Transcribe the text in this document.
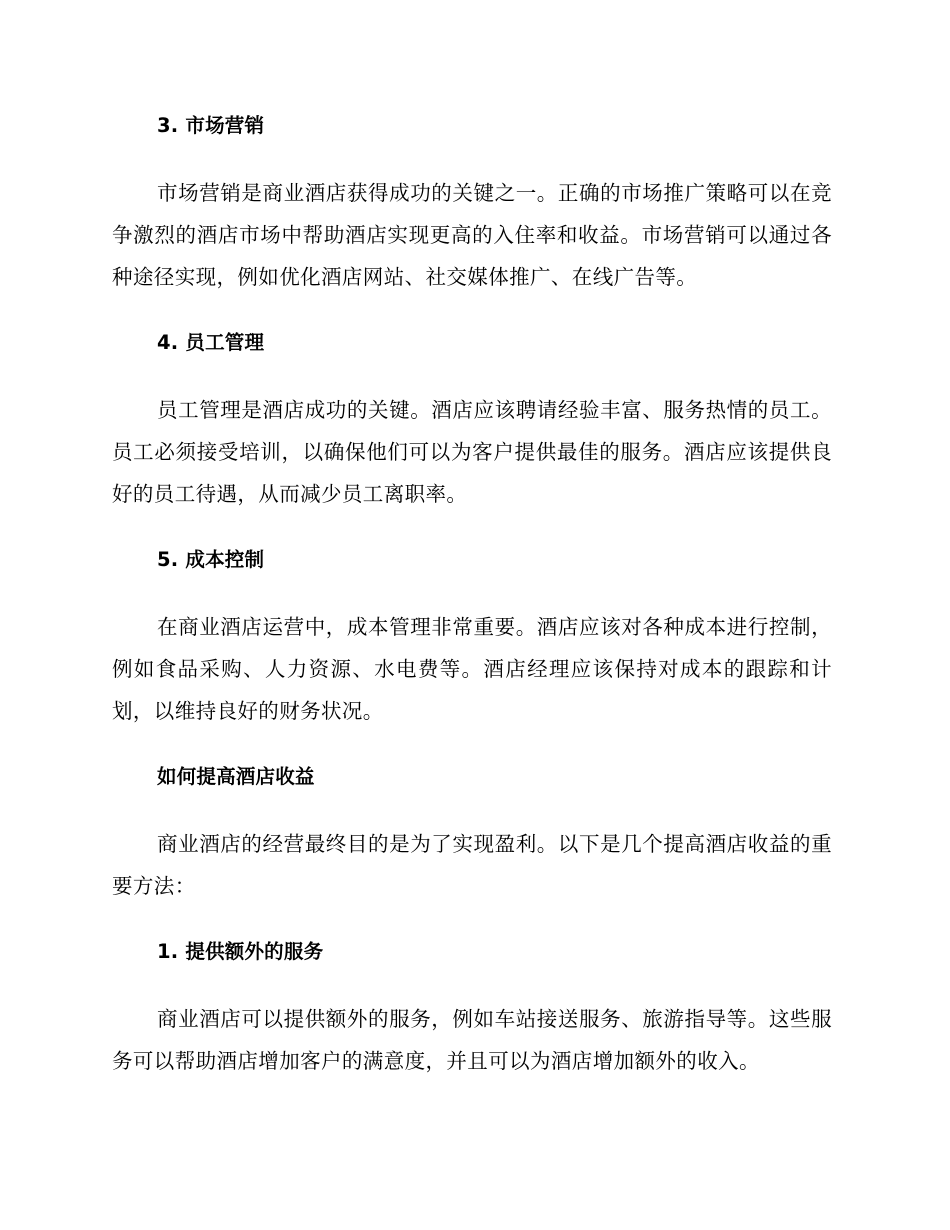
3. 市场营销

市场营销是商业酒店获得成功的关键之一。正确的市场推广策略可以在竞争激烈的酒店市场中帮助酒店实现更高的入住率和收益。市场营销可以通过各种途径实现，例如优化酒店网站、社交媒体推广、在线广告等。

4. 员工管理

员工管理是酒店成功的关键。酒店应该聘请经验丰富、服务热情的员工。员工必须接受培训，以确保他们可以为客户提供最佳的服务。酒店应该提供良好的员工待遇，从而减少员工离职率。

5. 成本控制

在商业酒店运营中，成本管理非常重要。酒店应该对各种成本进行控制，例如食品采购、人力资源、水电费等。酒店经理应该保持对成本的跟踪和计划，以维持良好的财务状况。

如何提高酒店收益

商业酒店的经营最终目的是为了实现盈利。以下是几个提高酒店收益的重要方法：

1. 提供额外的服务

商业酒店可以提供额外的服务，例如车站接送服务、旅游指导等。这些服务可以帮助酒店增加客户的满意度，并且可以为酒店增加额外的收入。
